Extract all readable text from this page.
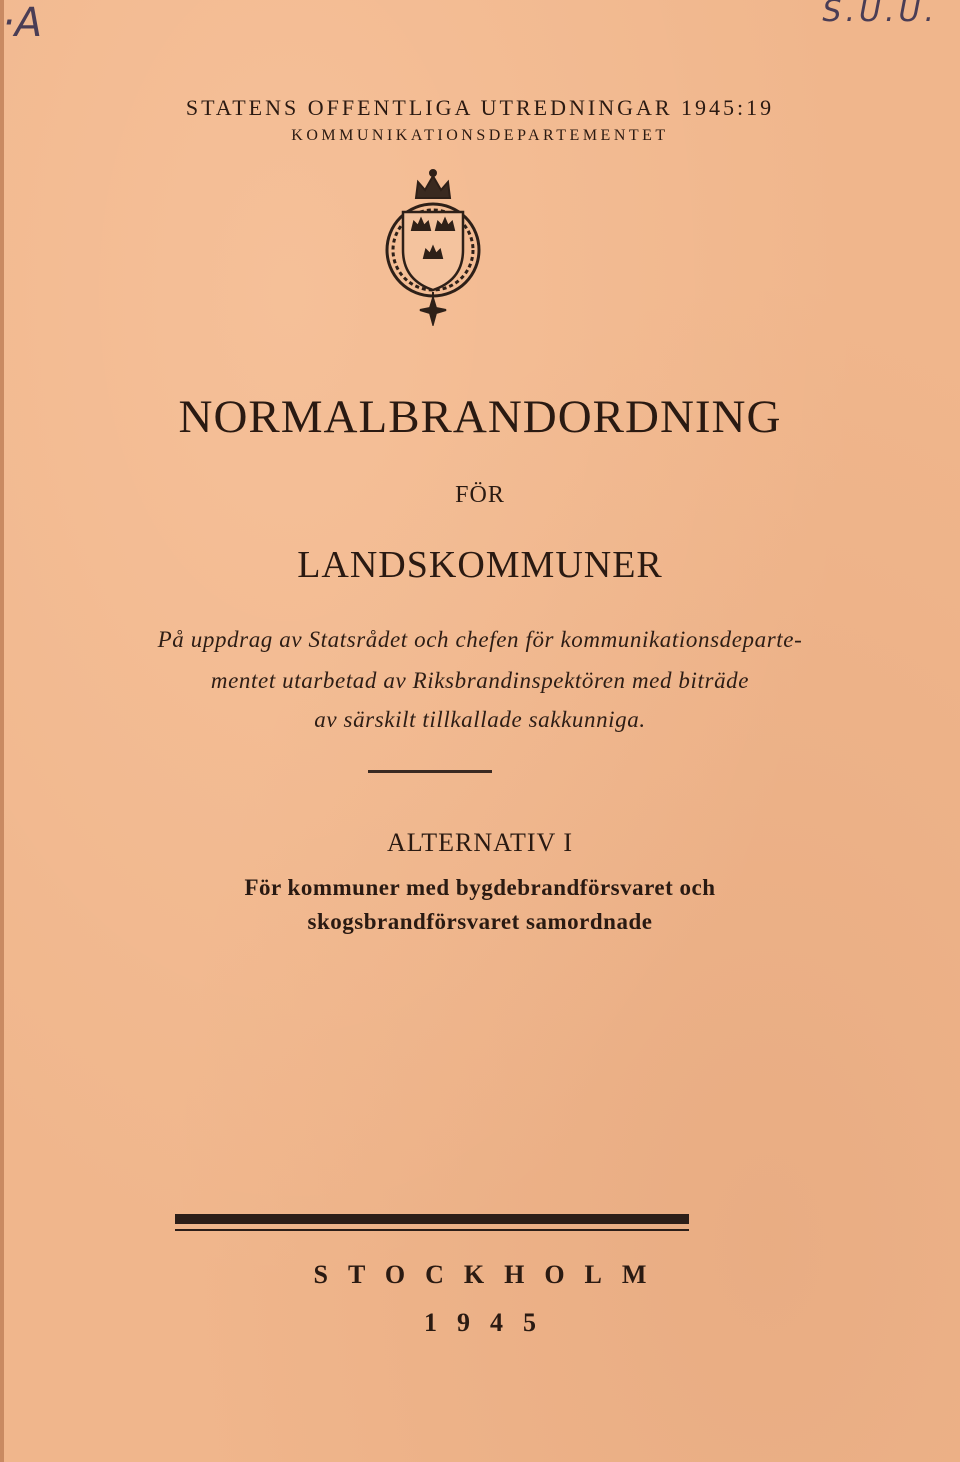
·A	S.U.U.
STATENS OFFENTLIGA UTREDNINGAR 1945:19
KOMMUNIKATIONSDEPARTEMENTET
NORMALBRANDORDNING
FÖR
LANDSKOMMUNER
På uppdrag av Statsrådet och chefen för kommunikationsdeparte-
mentet utarbetad av Riksbrandinspektören med biträde
av särskilt tillkallade sakkunniga.
ALTERNATIV I
För kommuner med bygdebrandförsvaret och
skogsbrandförsvaret samordnade
STOCKHOLM
1945
